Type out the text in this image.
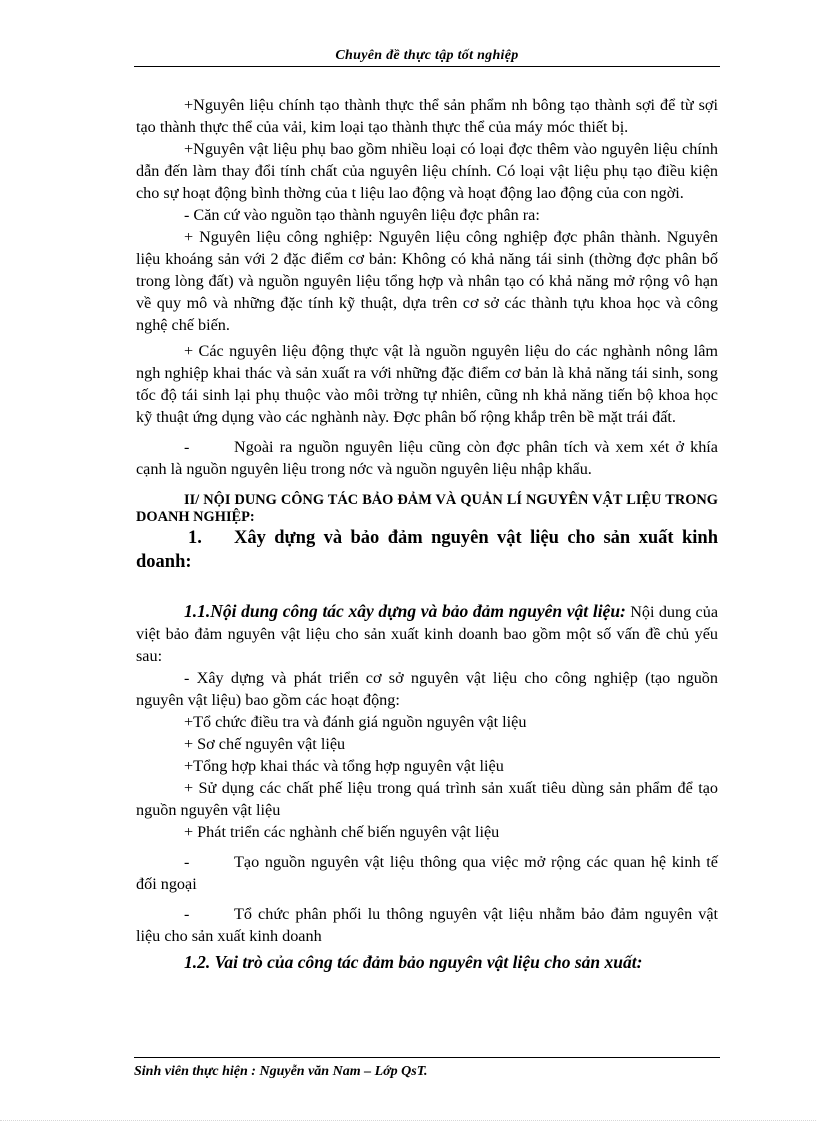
Chuyên đề thực tập tốt nghiệp

+Nguyên liệu chính tạo thành thực thể sản phẩm nh bông tạo thành sợi để từ sợi tạo thành thực thể của vải, kim loại tạo thành thực thể của máy móc thiết bị.

+Nguyên vật liệu phụ bao gồm nhiều loại có loại đợc thêm vào nguyên liệu chính dẫn đến làm thay đổi tính chất của nguyên liệu chính. Có loại vật liệu phụ tạo điều kiện cho sự hoạt động bình thờng của t liệu lao động và hoạt động lao động của con ngời.

- Căn cứ vào nguồn tạo thành nguyên liệu đợc phân ra:

+ Nguyên liệu công nghiệp: Nguyên liệu công nghiệp đợc phân thành. Nguyên liệu khoáng sản với 2 đặc điểm cơ bản: Không có khả năng tái sinh (thờng đợc phân bố trong lòng đất) và nguồn nguyên liệu tổng hợp và nhân tạo có khả năng mở rộng vô hạn về quy mô và những đặc tính kỹ thuật, dựa trên cơ sở các thành tựu khoa học và công nghệ chế biến.

+ Các nguyên liệu động thực vật là nguồn nguyên liệu do các nghành nông lâm ngh nghiệp khai thác và sản xuất ra với những đặc điểm cơ bản là khả năng tái sinh, song tốc độ tái sinh lại phụ thuộc vào môi trờng tự nhiên, cũng nh khả năng tiến bộ khoa học kỹ thuật ứng dụng vào các nghành này. Đợc phân bố rộng khắp trên bề mặt trái đất.

-	Ngoài ra nguồn nguyên liệu cũng còn đợc phân tích và xem xét ở khía cạnh là nguồn nguyên liệu trong nớc và nguồn nguyên liệu nhập khẩu.

II/ NỘI DUNG CÔNG TÁC BẢO ĐẢM VÀ QUẢN LÍ NGUYÊN VẬT LIỆU TRONG DOANH NGHIỆP:

1.	Xây dựng và bảo đảm nguyên vật liệu cho sản xuất kinh doanh:

1.1.Nội dung công tác xây dựng và bảo đảm nguyên vật liệu: Nội dung của việt bảo đảm nguyên vật liệu cho sản xuất kinh doanh bao gồm một số vấn đề chủ yếu sau:

- Xây dựng và phát triển cơ sở nguyên vật liệu cho công nghiệp (tạo nguồn nguyên vật liệu) bao gồm các hoạt động:

+Tổ chức điều tra và đánh giá nguồn nguyên vật liệu

+ Sơ chế nguyên vật liệu

+Tổng hợp khai thác và tổng hợp nguyên vật liệu

+ Sử dụng các chất phế liệu trong quá trình sản xuất tiêu dùng sản phẩm để tạo nguồn nguyên vật liệu

+ Phát triển các nghành chế biến nguyên vật liệu

-	Tạo nguồn nguyên vật liệu thông qua việc mở rộng các quan hệ kinh tế đối ngoại

-	Tổ chức phân phối lu thông nguyên vật liệu nhằm bảo đảm nguyên vật liệu cho sản xuất kinh doanh

1.2. Vai trò của công tác đảm bảo nguyên vật liệu cho sản xuất:

Sinh viên thực hiện : Nguyễn văn Nam – Lớp QsT.
